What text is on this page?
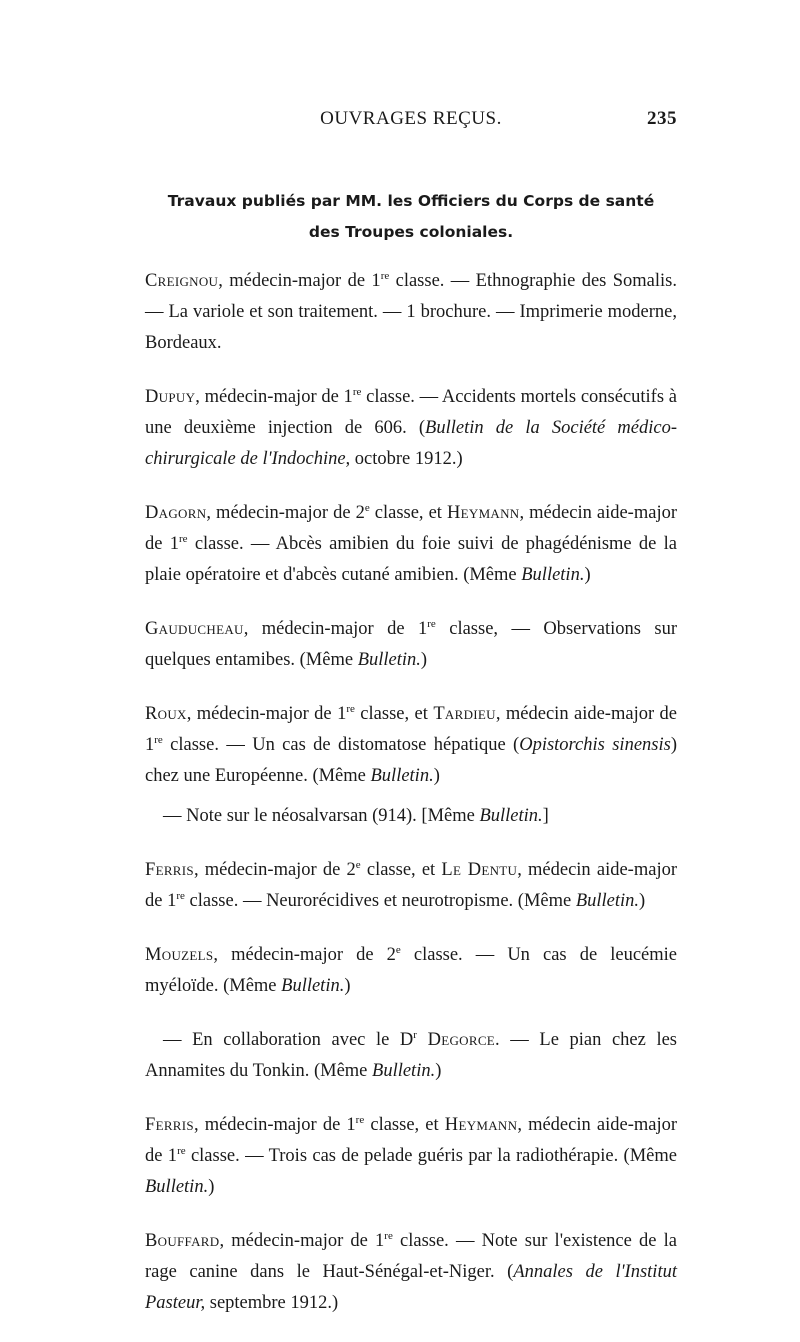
OUVRAGES REÇUS.	235
Travaux publiés par MM. les Officiers du Corps de santé
des Troupes coloniales.

Creignou, médecin-major de 1re classe. — Ethnographie des Somalis. — La variole et son traitement. — 1 brochure. — Imprimerie moderne, Bordeaux.

Dupuy, médecin-major de 1re classe. — Accidents mortels consécutifs à une deuxième injection de 606. (Bulletin de la Société médico-chirurgicale de l'Indochine, octobre 1912.)

Dagorn, médecin-major de 2e classe, et Heymann, médecin aide-major de 1re classe. — Abcès amibien du foie suivi de phagédénisme de la plaie opératoire et d'abcès cutané amibien. (Même Bulletin.)

Gauducheau, médecin-major de 1re classe, — Observations sur quelques entamibes. (Même Bulletin.)

Roux, médecin-major de 1re classe, et Tardieu, médecin aide-major de 1re classe. — Un cas de distomatose hépatique (Opistorchis sinensis) chez une Européenne. (Même Bulletin.)

— Note sur le néosalvarsan (914). [Même Bulletin.]

Ferris, médecin-major de 2e classe, et Le Dentu, médecin aide-major de 1re classe. — Neurorécidives et neurotropisme. (Même Bulletin.)

Mouzels, médecin-major de 2e classe. — Un cas de leucémie myéloïde. (Même Bulletin.)

— En collaboration avec le $D^r$ Degorce. — Le pian chez les Annamites du Tonkin. (Même Bulletin.)

Ferris, médecin-major de 1re classe, et Heymann, médecin aide-major de 1re classe. — Trois cas de pelade guéris par la radiothérapie. (Même Bulletin.)

Bouffard, médecin-major de 1re classe. — Note sur l'existence de la rage canine dans le Haut-Sénégal-et-Niger. (Annales de l'Institut Pasteur, septembre 1912.)
